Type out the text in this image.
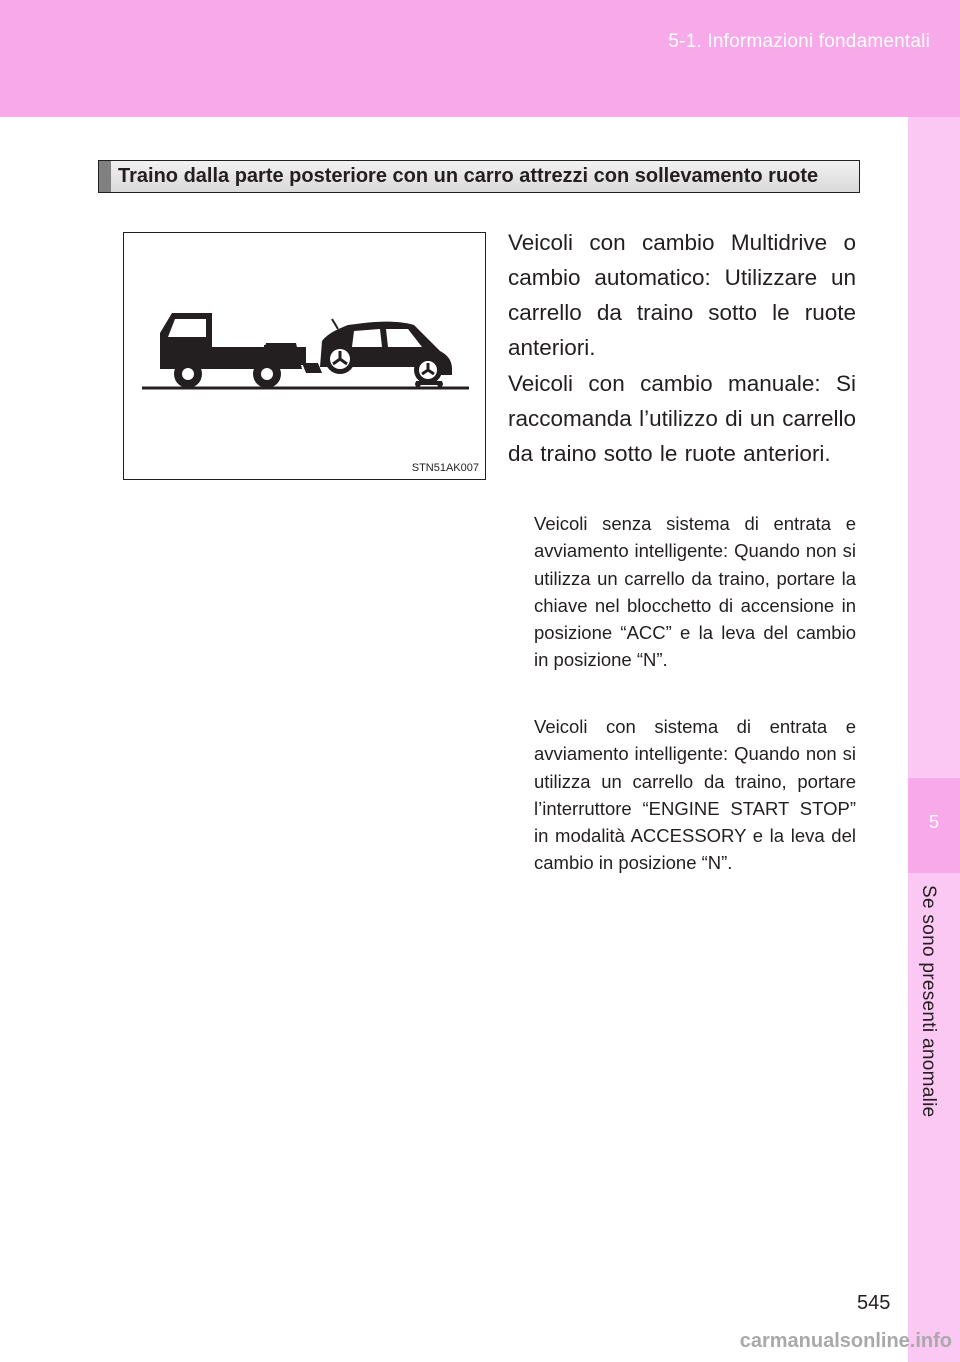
5-1. Informazioni fondamentali
5
Se sono presenti anomalie
Traino dalla parte posteriore con un carro attrezzi con sollevamento ruote
STN51AK007

Veicoli con cambio Multidrive o cambio automatico: Utilizzare un carrello da traino sotto le ruote anteriori.

Veicoli con cambio manuale: Si raccomanda l’utilizzo di un carrello da traino sotto le ruote anteriori.

Veicoli senza sistema di entrata e avviamento intelligente: Quando non si utilizza un carrello da traino, portare la chiave nel blocchetto di accensione in posizione “ACC” e la leva del cambio in posizione “N”.

Veicoli con sistema di entrata e avviamento intelligente: Quando non si utilizza un carrello da traino, portare l’interruttore “ENGINE START STOP” in modalità ACCESSORY e la leva del cambio in posizione “N”.

545
carmanualsonline.info
